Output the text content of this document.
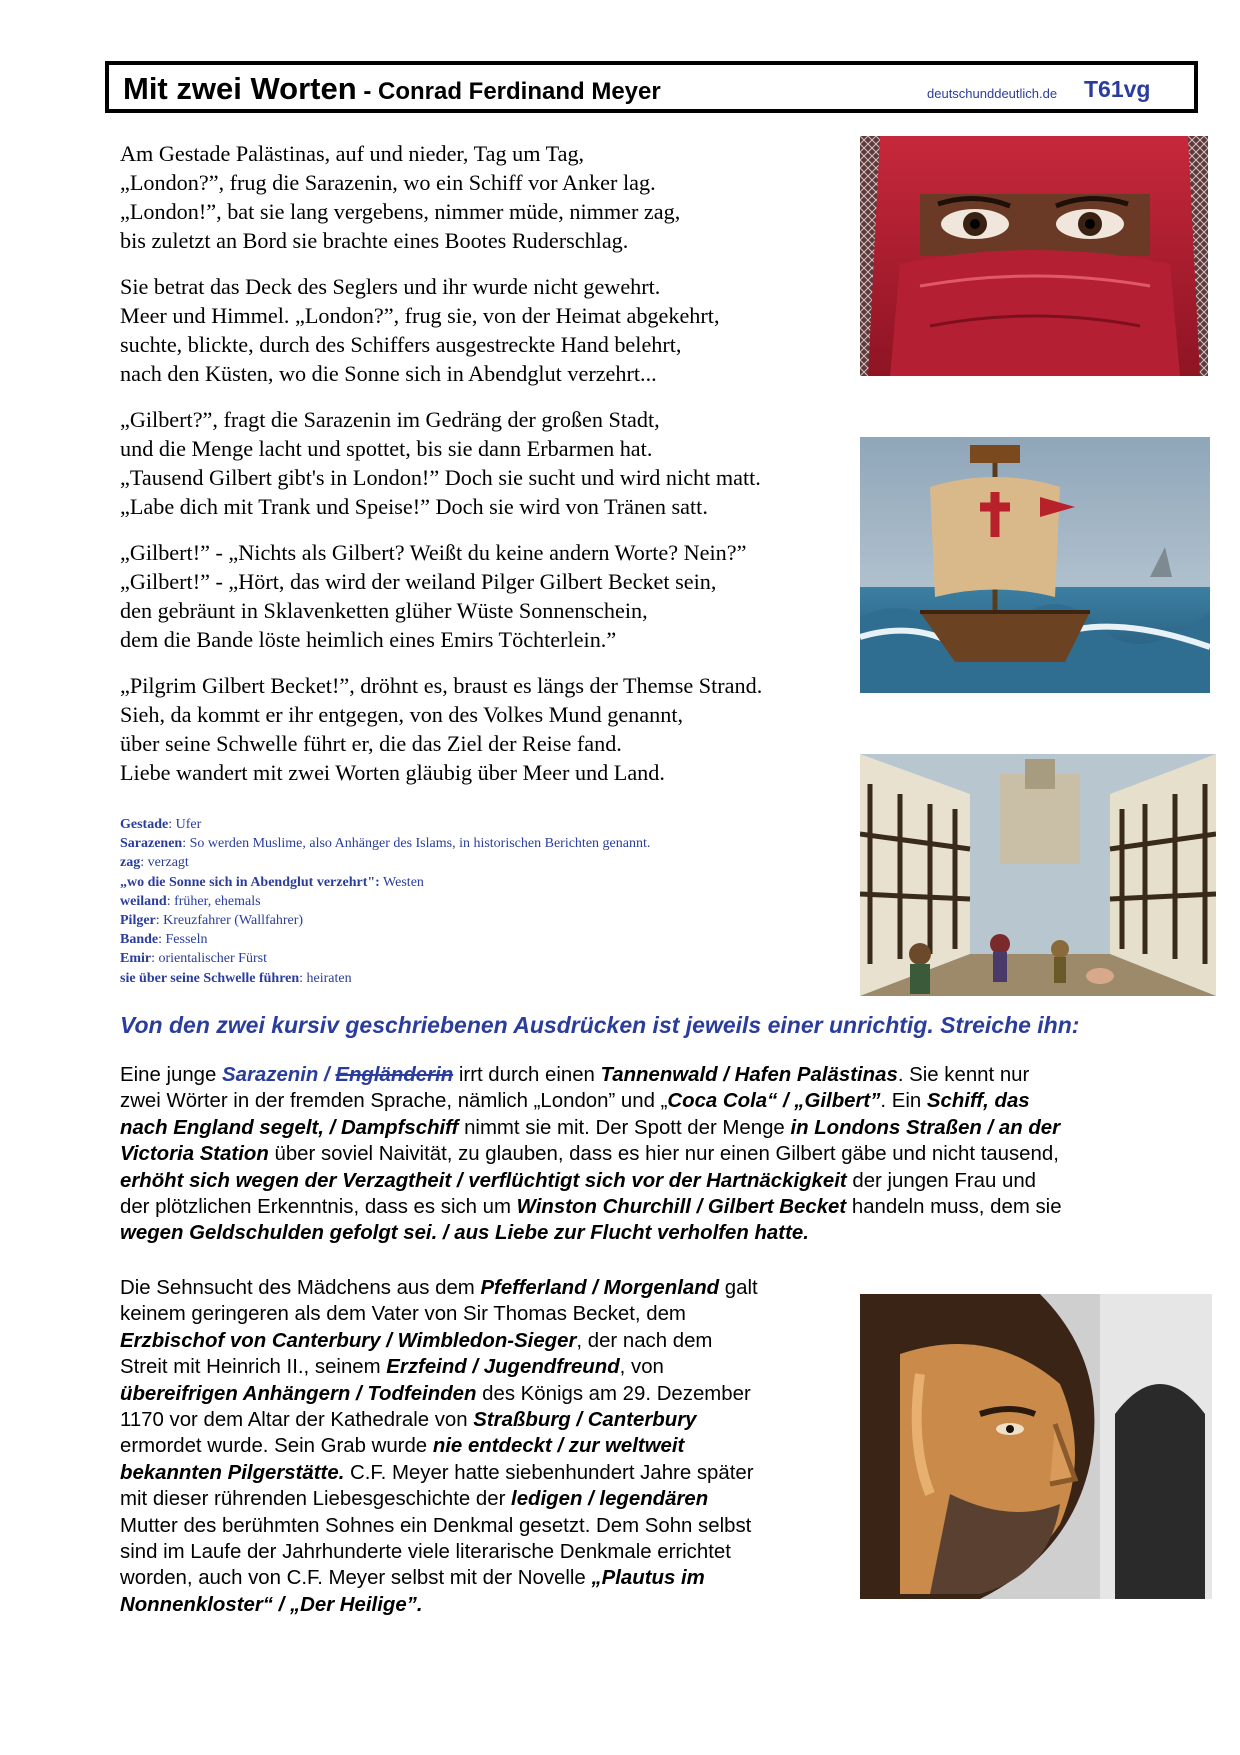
Mit zwei Worten - Conrad Ferdinand Meyer	deutschunddeutlich.de T61vg
Am Gestade Palästinas, auf und nieder, Tag um Tag,
„London?”, frug die Sarazenin, wo ein Schiff vor Anker lag.
„London!”, bat sie lang vergebens, nimmer müde, nimmer zag,
bis zuletzt an Bord sie brachte eines Bootes Ruderschlag.
Sie betrat das Deck des Seglers und ihr wurde nicht gewehrt.
Meer und Himmel. „London?”, frug sie, von der Heimat abgekehrt,
suchte, blickte, durch des Schiffers ausgestreckte Hand belehrt,
nach den Küsten, wo die Sonne sich in Abendglut verzehrt...
„Gilbert?”, fragt die Sarazenin im Gedräng der großen Stadt,
und die Menge lacht und spottet, bis sie dann Erbarmen hat.
„Tausend Gilbert gibt's in London!” Doch sie sucht und wird nicht matt.
„Labe dich mit Trank und Speise!” Doch sie wird von Tränen satt.
„Gilbert!” - „Nichts als Gilbert? Weißt du keine andern Worte? Nein?”
„Gilbert!” - „Hört, das wird der weiland Pilger Gilbert Becket sein,
den gebräunt in Sklavenketten glüher Wüste Sonnenschein,
dem die Bande löste heimlich eines Emirs Töchterlein.”
„Pilgrim Gilbert Becket!”, dröhnt es, braust es längs der Themse Strand.
Sieh, da kommt er ihr entgegen, von des Volkes Mund genannt,
über seine Schwelle führt er, die das Ziel der Reise fand.
Liebe wandert mit zwei Worten gläubig über Meer und Land.
Gestade: Ufer
Sarazenen: So werden Muslime, also Anhänger des Islams, in historischen Berichten genannt.
zag: verzagt
„wo die Sonne sich in Abendglut verzehrt": Westen
weiland: früher, ehemals
Pilger: Kreuzfahrer (Wallfahrer)
Bande: Fesseln
Emir: orientalischer Fürst
sie über seine Schwelle führen: heiraten
Von den zwei kursiv geschriebenen Ausdrücken ist jeweils einer unrichtig. Streiche ihn:
Eine junge Sarazenin / Engländerin irrt durch einen Tannenwald / Hafen Palästinas. Sie kennt nur
zwei Wörter in der fremden Sprache, nämlich „London” und „Coca Cola“ / „Gilbert”. Ein Schiff, das
nach England segelt, / Dampfschiff nimmt sie mit. Der Spott der Menge in Londons Straßen / an der
Victoria Station über soviel Naivität, zu glauben, dass es hier nur einen Gilbert gäbe und nicht tausend,
erhöht sich wegen der Verzagtheit / verflüchtigt sich vor der Hartnäckigkeit der jungen Frau und
der plötzlichen Erkenntnis, dass es sich um Winston Churchill / Gilbert Becket handeln muss, dem sie
wegen Geldschulden gefolgt sei. / aus Liebe zur Flucht verholfen hatte.
Die Sehnsucht des Mädchens aus dem Pfefferland / Morgenland galt
keinem geringeren als dem Vater von Sir Thomas Becket, dem
Erzbischof von Canterbury / Wimbledon-Sieger, der nach dem
Streit mit Heinrich II., seinem Erzfeind / Jugendfreund, von
übereifrigen Anhängern / Todfeinden des Königs am 29. Dezember
1170 vor dem Altar der Kathedrale von Straßburg / Canterbury
ermordet wurde. Sein Grab wurde nie entdeckt / zur weltweit
bekannten Pilgerstätte. C.F. Meyer hatte siebenhundert Jahre später
mit dieser rührenden Liebesgeschichte der ledigen / legendären
Mutter des berühmten Sohnes ein Denkmal gesetzt. Dem Sohn selbst
sind im Laufe der Jahrhunderte viele literarische Denkmale errichtet
worden, auch von C.F. Meyer selbst mit der Novelle „Plautus im
Nonnenkloster“ / „Der Heilige”.
